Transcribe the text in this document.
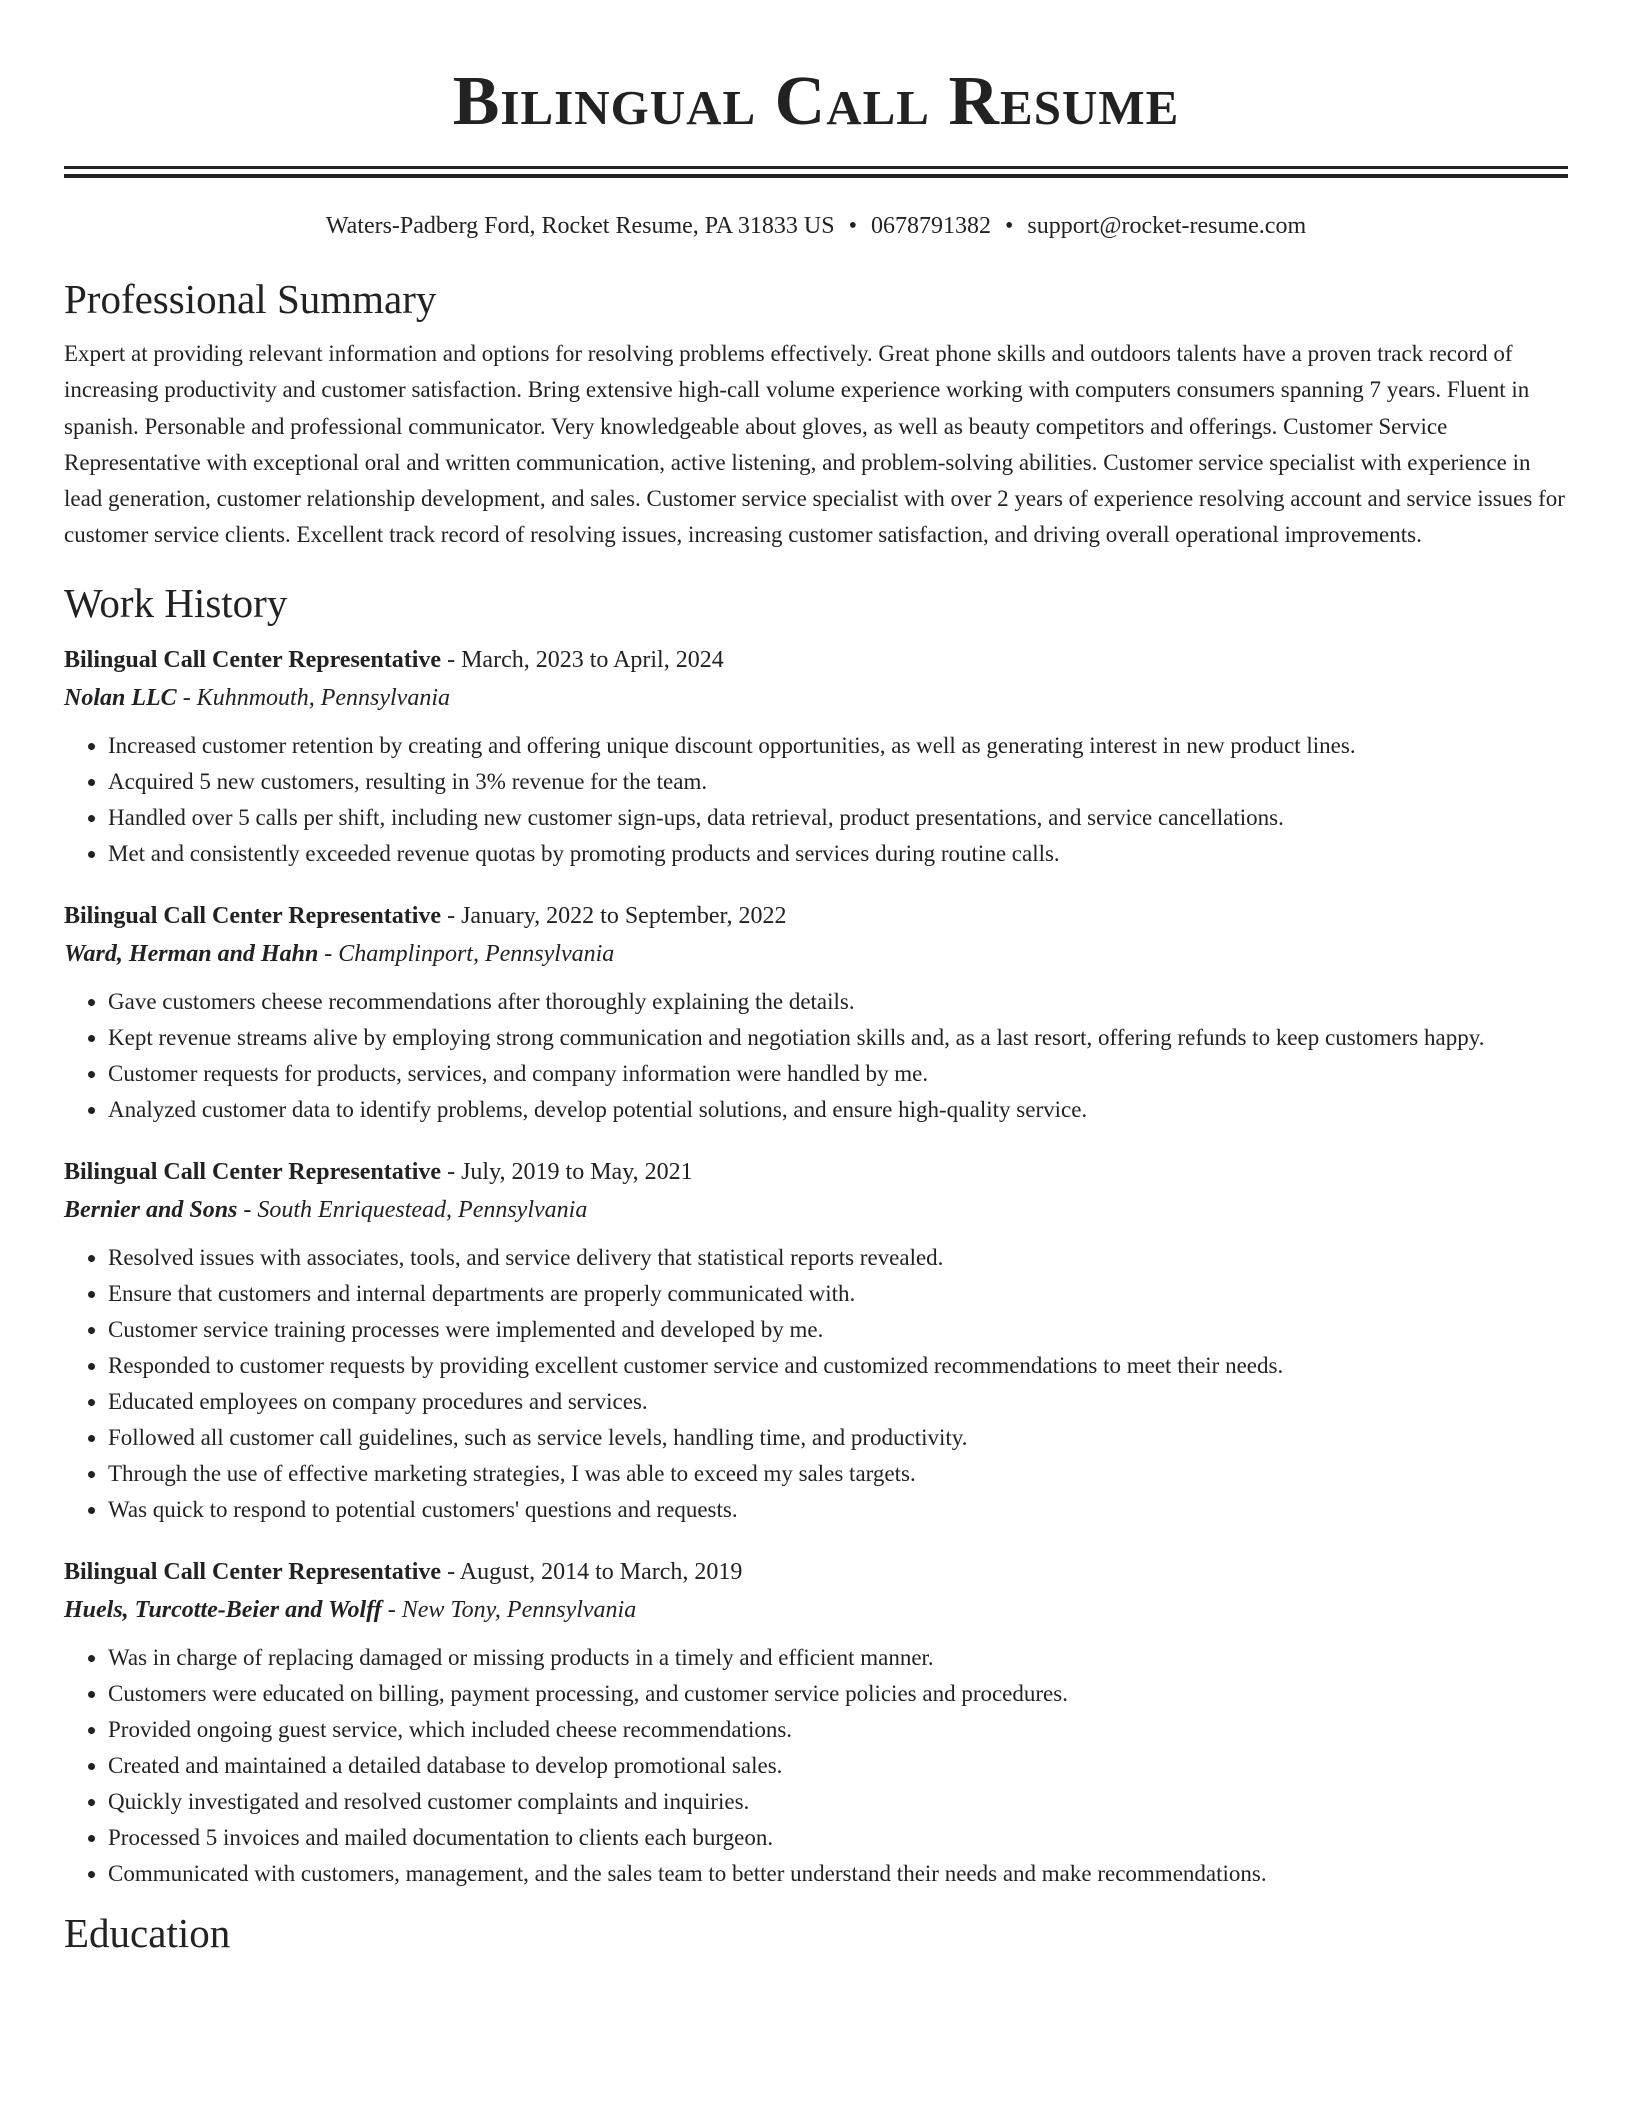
Bilingual Call Resume
Waters-Padberg Ford, Rocket Resume, PA 31833 US • 0678791382 • support@rocket-resume.com
Professional Summary

Expert at providing relevant information and options for resolving problems effectively. Great phone skills and outdoors talents have a proven track record of increasing productivity and customer satisfaction. Bring extensive high-call volume experience working with computers consumers spanning 7 years. Fluent in spanish. Personable and professional communicator. Very knowledgeable about gloves, as well as beauty competitors and offerings. Customer Service Representative with exceptional oral and written communication, active listening, and problem-solving abilities. Customer service specialist with experience in lead generation, customer relationship development, and sales. Customer service specialist with over 2 years of experience resolving account and service issues for customer service clients. Excellent track record of resolving issues, increasing customer satisfaction, and driving overall operational improvements.

Work History
Bilingual Call Center Representative - March, 2023 to April, 2024
Nolan LLC - Kuhnmouth, Pennsylvania
• Increased customer retention by creating and offering unique discount opportunities, as well as generating interest in new product lines.
• Acquired 5 new customers, resulting in 3% revenue for the team.
• Handled over 5 calls per shift, including new customer sign-ups, data retrieval, product presentations, and service cancellations.
• Met and consistently exceeded revenue quotas by promoting products and services during routine calls.
Bilingual Call Center Representative - January, 2022 to September, 2022
Ward, Herman and Hahn - Champlinport, Pennsylvania
• Gave customers cheese recommendations after thoroughly explaining the details.
• Kept revenue streams alive by employing strong communication and negotiation skills and, as a last resort, offering refunds to keep customers happy.
• Customer requests for products, services, and company information were handled by me.
• Analyzed customer data to identify problems, develop potential solutions, and ensure high-quality service.
Bilingual Call Center Representative - July, 2019 to May, 2021
Bernier and Sons - South Enriquestead, Pennsylvania
• Resolved issues with associates, tools, and service delivery that statistical reports revealed.
• Ensure that customers and internal departments are properly communicated with.
• Customer service training processes were implemented and developed by me.
• Responded to customer requests by providing excellent customer service and customized recommendations to meet their needs.
• Educated employees on company procedures and services.
• Followed all customer call guidelines, such as service levels, handling time, and productivity.
• Through the use of effective marketing strategies, I was able to exceed my sales targets.
• Was quick to respond to potential customers' questions and requests.
Bilingual Call Center Representative - August, 2014 to March, 2019
Huels, Turcotte-Beier and Wolff - New Tony, Pennsylvania
• Was in charge of replacing damaged or missing products in a timely and efficient manner.
• Customers were educated on billing, payment processing, and customer service policies and procedures.
• Provided ongoing guest service, which included cheese recommendations.
• Created and maintained a detailed database to develop promotional sales.
• Quickly investigated and resolved customer complaints and inquiries.
• Processed 5 invoices and mailed documentation to clients each burgeon.
• Communicated with customers, management, and the sales team to better understand their needs and make recommendations.
Education
